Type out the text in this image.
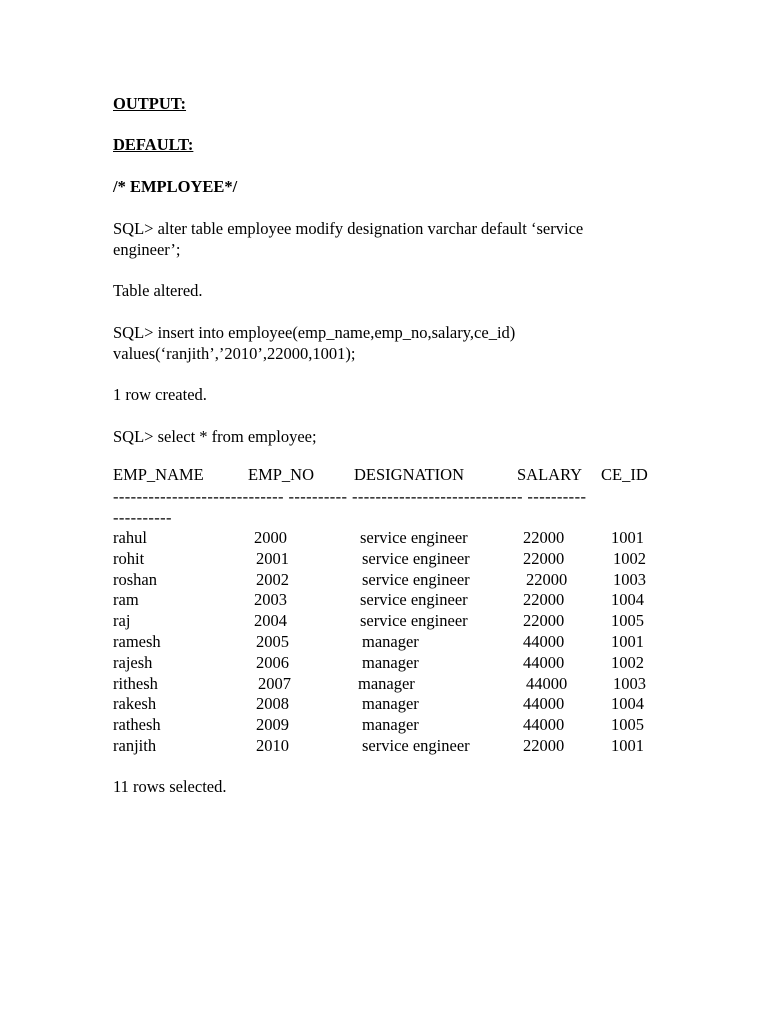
OUTPUT:
DEFAULT:
/* EMPLOYEE*/
SQL> alter table employee modify designation varchar default ‘service
engineer’;
Table altered.
SQL> insert into employee(emp_name,emp_no,salary,ce_id)
values(‘ranjith’,’2010’,22000,1001);
1 row created.
SQL> select * from employee;
EMP_NAME	EMP_NO DESIGNATION	SALARY CE_ID
----------------------------- ---------- ----------------------------- ----------
----------
rahul	2000	service engineer	22000	1001
rohit	2001	service engineer	22000	1002
roshan	2002	service engineer	22000	1003
ram	2003	service engineer	22000	1004
raj	2004	service engineer	22000	1005
ramesh	2005	manager	44000	1001
rajesh	2006	manager	44000	1002
rithesh	2007	manager	44000	1003
rakesh	2008	manager	44000	1004
rathesh	2009	manager	44000	1005
ranjith	2010	service engineer	22000	1001
11 rows selected.
